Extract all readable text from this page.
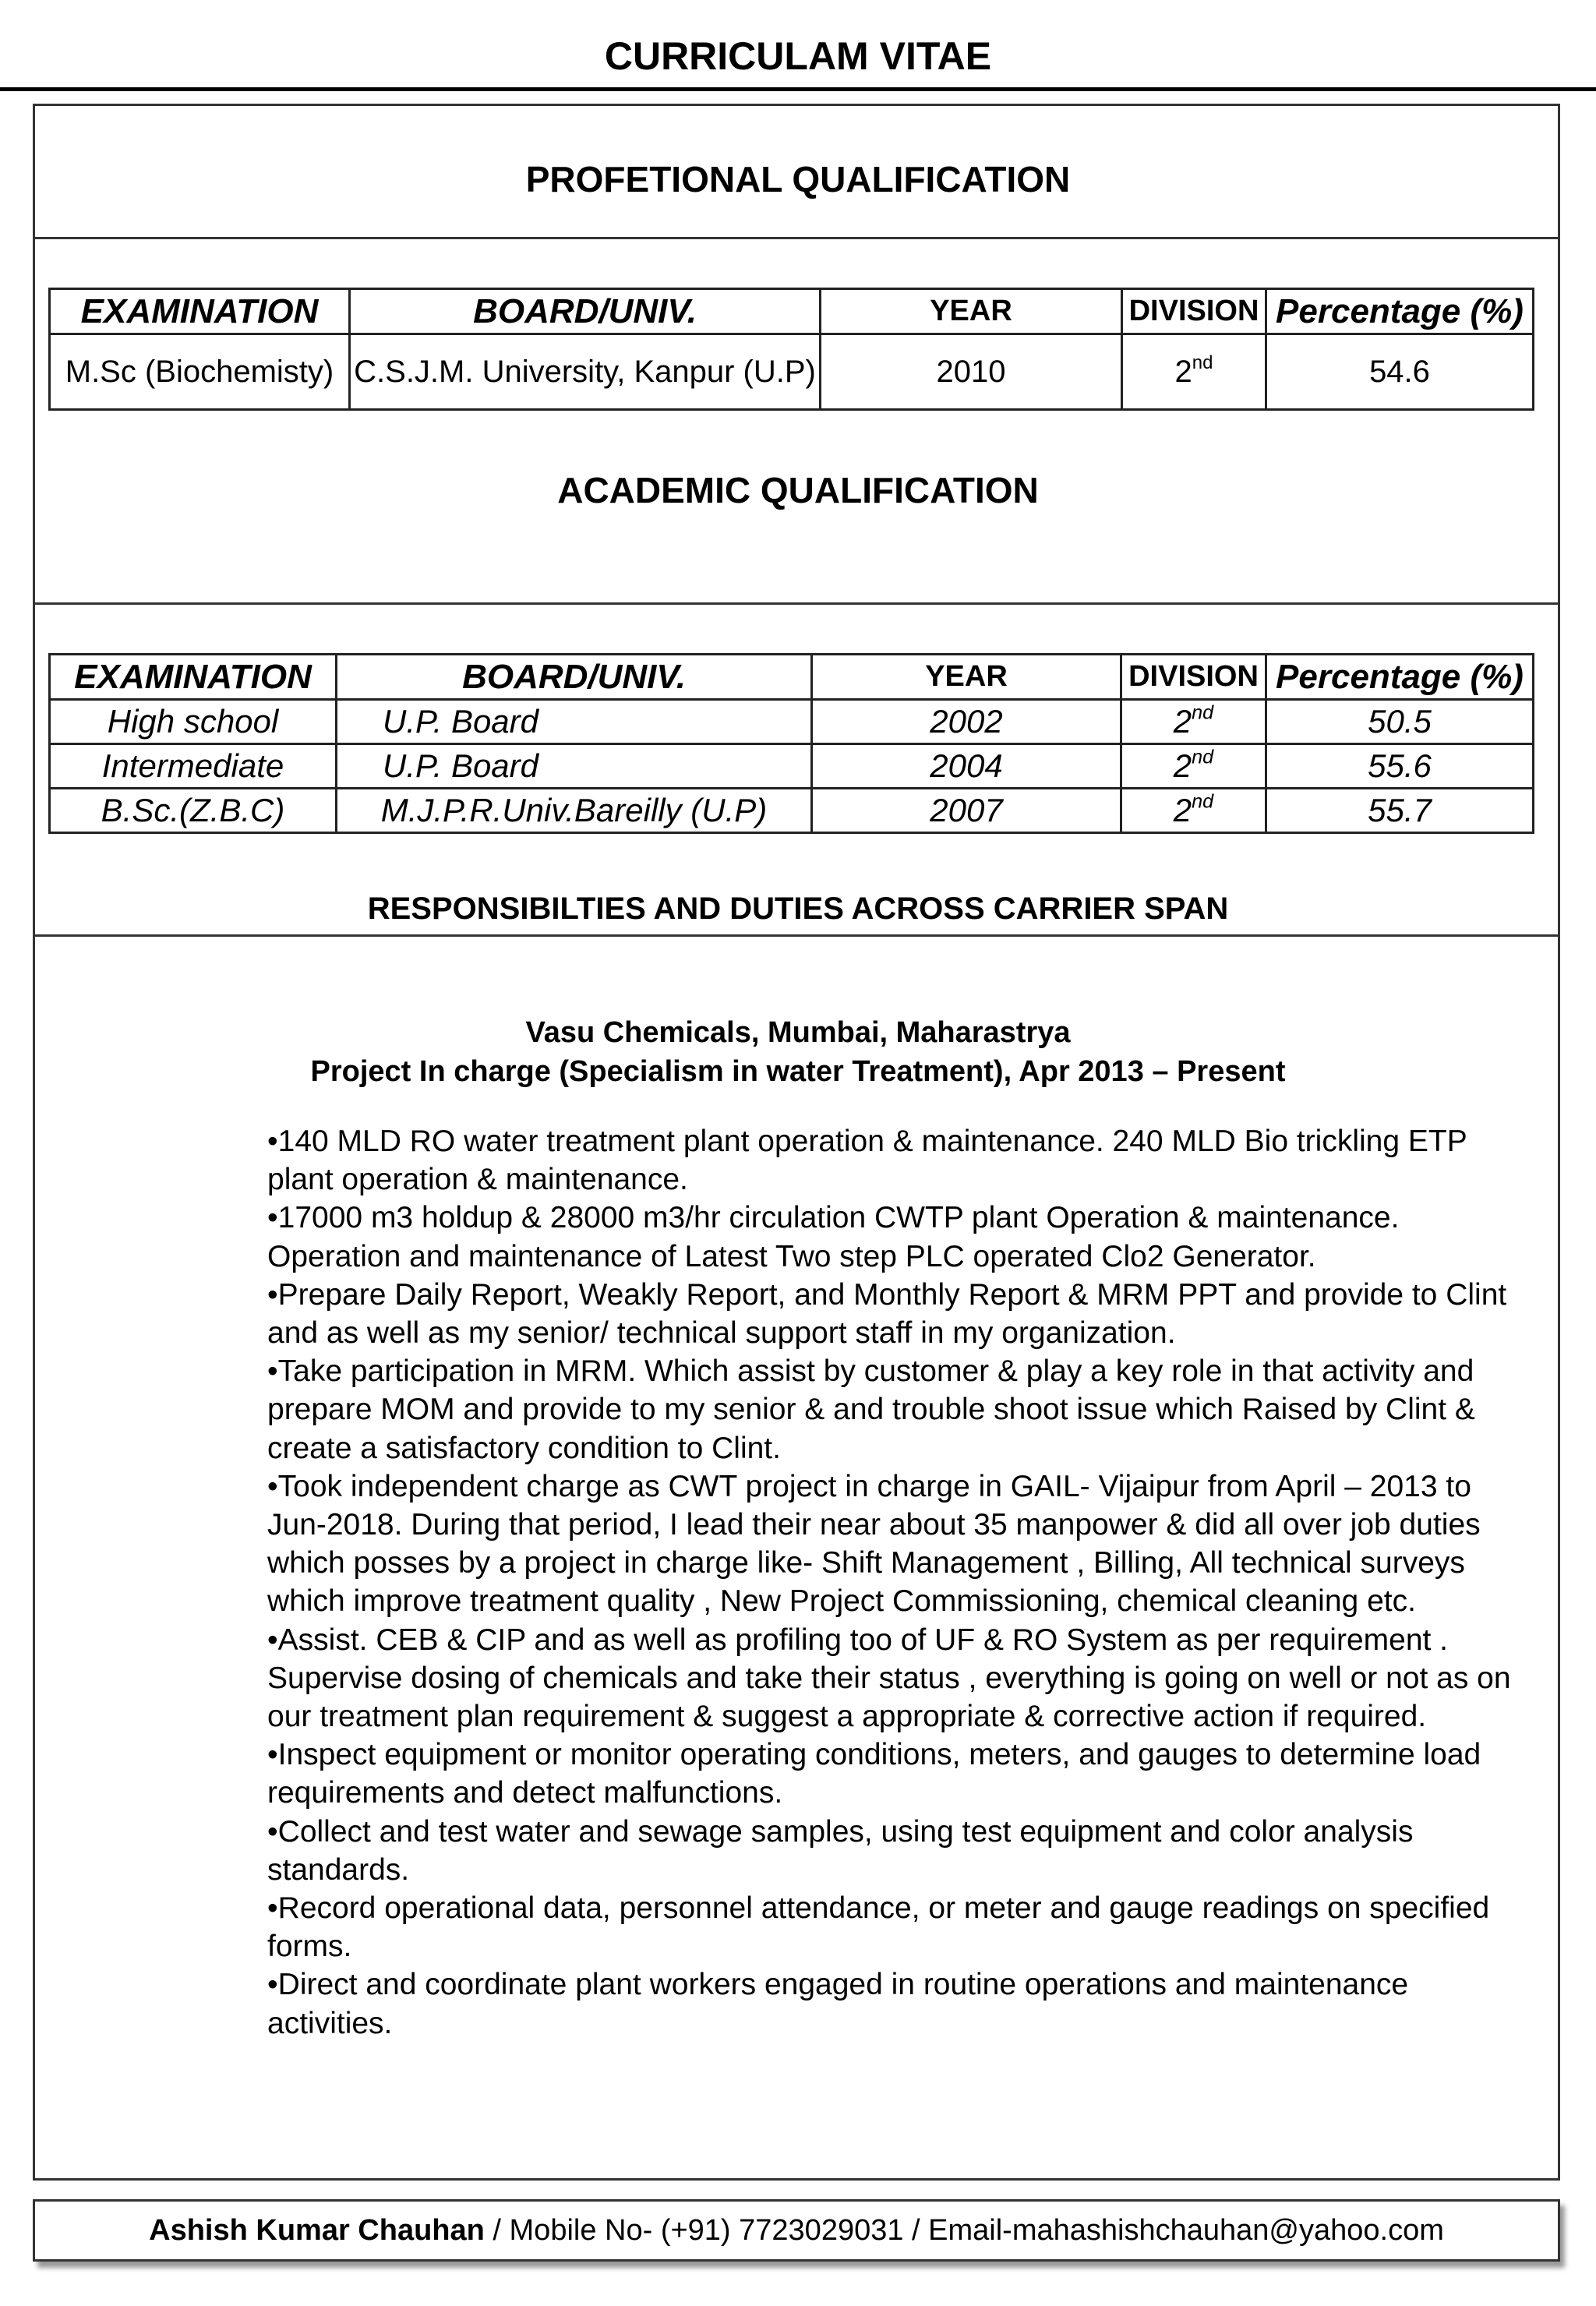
CURRICULAM VITAE
PROFETIONAL QUALIFICATION
EXAMINATION	BOARD/UNIV.	YEAR	DIVISION	Percentage (%)
M.Sc (Biochemisty)	C.S.J.M. University, Kanpur (U.P)	2010	2nd	54.6
ACADEMIC QUALIFICATION
EXAMINATION	BOARD/UNIV.	YEAR	DIVISION	Percentage (%)
High school	U.P. Board	2002	2nd	50.5
Intermediate	U.P. Board	2004	2nd	55.6
B.Sc.(Z.B.C)	M.J.P.R.Univ.Bareilly (U.P)	2007	2nd	55.7
RESPONSIBILTIES AND DUTIES ACROSS CARRIER SPAN
Vasu Chemicals, Mumbai, Maharastrya
Project In charge (Specialism in water Treatment), Apr 2013 – Present
•140 MLD RO water treatment plant operation & maintenance. 240 MLD Bio trickling ETP plant operation & maintenance.
•17000 m3 holdup & 28000 m3/hr circulation CWTP plant Operation & maintenance. Operation and maintenance of Latest Two step PLC operated Clo2 Generator.
•Prepare Daily Report, Weakly Report, and Monthly Report & MRM PPT and provide to Clint and as well as my senior/ technical support staff in my organization.
•Take participation in MRM. Which assist by customer & play a key role in that activity and prepare MOM and provide to my senior & and trouble shoot issue which Raised by Clint & create a satisfactory condition to Clint.
•Took independent charge as CWT project in charge in GAIL- Vijaipur from April – 2013 to Jun-2018. During that period, I lead their near about 35 manpower & did all over job duties which posses by a project in charge like- Shift Management , Billing, All technical surveys which improve treatment quality , New Project Commissioning, chemical cleaning etc.
•Assist. CEB & CIP and as well as profiling too of UF & RO System as per requirement . Supervise dosing of chemicals and take their status , everything is going on well or not as on our treatment plan requirement & suggest a appropriate & corrective action if required.
•Inspect equipment or monitor operating conditions, meters, and gauges to determine load requirements and detect malfunctions.
•Collect and test water and sewage samples, using test equipment and color analysis standards.
•Record operational data, personnel attendance, or meter and gauge readings on specified forms.
•Direct and coordinate plant workers engaged in routine operations and maintenance activities.
Ashish Kumar Chauhan / Mobile No- (+91) 7723029031 / Email-mahashishchauhan@yahoo.com
